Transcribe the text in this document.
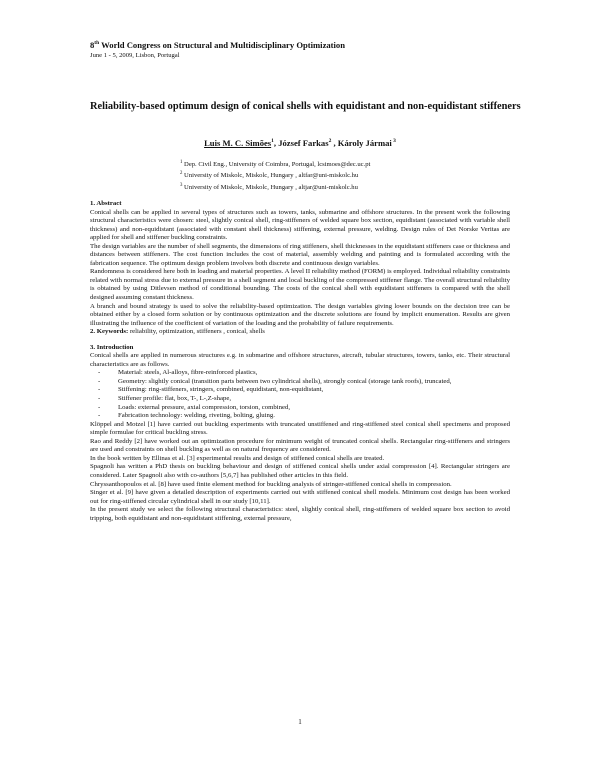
8th World Congress on Structural and Multidisciplinary Optimization
June 1 - 5, 2009, Lisbon, Portugal
Reliability-based optimum design of conical shells with equidistant and non-equidistant stiffeners
Luis M. C. Simões$^1$, József Farkas$^2$ , Károly Jármai $^3$
$^1$ Dep. Civil Eng., University of Coimbra, Portugal, lcsimoes@dec.uc.pt
$^2$ University of Miskolc, Miskolc, Hungary , altfar@uni-miskolc.hu
$^3$ University of Miskolc, Miskolc, Hungary , altjar@uni-miskolc.hu

1. Abstract

Conical shells can be applied in several types of structures such as towers, tanks, submarine and offshore structures. In the present work the following structural characteristics were chosen: steel, slightly conical shell, ring-stiffeners of welded square box section, equidistant (associated with variable shell thickness) and non-equidistant (associated with constant shell thickness) stiffening, external pressure, welding. Design rules of Det Norske Veritas are applied for shell and stiffener buckling constraints.

The design variables are the number of shell segments, the dimensions of ring stiffeners, shell thicknesses in the equidistant stiffeners case or thickness and distances between stiffeners. The cost function includes the cost of material, assembly welding and painting and is formulated according with the fabrication sequence. The optimum design problem involves both discrete and continuous design variables.

Randomness is considered here both in loading and material properties. A level II reliability method (FORM) is employed. Individual reliability constraints related with normal stress due to external pressure in a shell segment and local buckling of the compressed stiffener flange. The overall structural reliability is obtained by using Ditlevsen method of conditional bounding. The costs of the conical shell with equidistant stiffeners is compared with the shell designed assuming constant thickness.

A branch and bound strategy is used to solve the reliability-based optimization. The design variables giving lower bounds on the decision tree can be obtained either by a closed form solution or by continuous optimization and the discrete solutions are found by implicit enumeration. Results are given illustrating the influence of the coefficient of variation of the loading and the probability of failure requirements.

2. Keywords: reliability, optimization, stiffeners , conical, shells

3. Introduction

Conical shells are applied in numerous structures e.g. in submarine and offshore structures, aircraft, tubular structures, towers, tanks, etc. Their structural characteristics are as follows.

-	Material: steels, Al-alloys, fibre-reinforced plastics,
-	Geometry: slightly conical (transition parts between two cylindrical shells), strongly conical (storage tank roofs), truncated,
-	Stiffening: ring-stiffeners, stringers, combined, equidistant, non-equidistant,
-	Stiffener profile: flat, box, T-, L-,Z-shape,
-	Loads: external pressure, axial compression, torsion, combined,
-	Fabrication technology: welding, riveting, bolting, gluing.

Klöppel and Motzel [1] have carried out buckling experiments with truncated unstiffened and ring-stiffened steel conical shell specimens and proposed simple formulae for critical buckling stress.

Rao and Reddy [2] have worked out an optimization procedure for minimum weight of truncated conical shells. Rectangular ring-stiffeners and stringers are used and constraints on shell buckling as well as on natural frequency are considered.

In the book written by Ellinas et al. [3] experimental results and design of stiffened conical shells are treated.

Spagnoli has written a PhD thesis on buckling behaviour and design of stiffened conical shells under axial compression [4]. Rectangular stringers are considered. Later Spagnoli also with co-authors [5,6,7] has published other articles in this field.

Chryssanthopoulos et al. [8] have used finite element method for buckling analysis of stringer-stiffened conical shells in compression.

Singer et al. [9] have given a detailed description of experiments carried out with stiffened conical shell models. Minimum cost design has been worked out for ring-stiffened circular cylindrical shell in our study [10,11].

In the present study we select the following structural characteristics: steel, slightly conical shell, ring-stiffeners of welded square box section to avoid tripping, both equidistant and non-equidistant stiffening, external pressure,

1
